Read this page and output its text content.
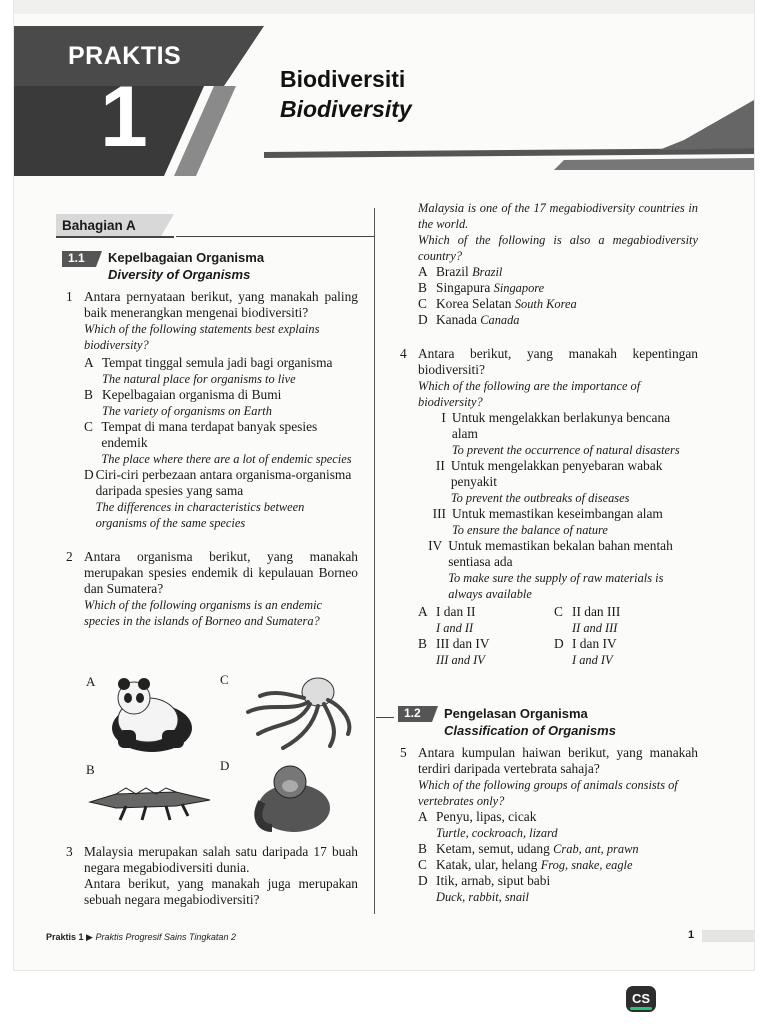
PRAKTIS
1	Biodiversiti
Biodiversity
Bahagian A
1.1 Kepelbagaian Organisma
Diversity of Organisms
1 Antara pernyataan berikut, yang manakah paling baik menerangkan mengenai biodiversiti?
Which of the following statements best explains biodiversity?
A Tempat tinggal semula jadi bagi organisma
The natural place for organisms to live
B Kepelbagaian organisma di Bumi
The variety of organisms on Earth
C Tempat di mana terdapat banyak spesies endemik
The place where there are a lot of endemic species
D Ciri-ciri perbezaan antara organisma-organisma daripada spesies yang sama
The differences in characteristics between organisms of the same species
2 Antara organisma berikut, yang manakah merupakan spesies endemik di kepulauan Borneo dan Sumatera?
Which of the following organisms is an endemic species in the islands of Borneo and Sumatera?
A	C
B	D
3 Malaysia merupakan salah satu daripada 17 buah negara megabiodiversiti dunia.
Antara berikut, yang manakah juga merupakan sebuah negara megabiodiversiti?
Malaysia is one of the 17 megabiodiversity countries in the world.
Which of the following is also a megabiodiversity country?
A Brazil
Brazil
B Singapura
Singapore
C Korea Selatan
South Korea
D Kanada
Canada
4 Antara berikut, yang manakah kepentingan biodiversiti?
Which of the following are the importance of biodiversity?
I Untuk mengelakkan berlakunya bencana alam
To prevent the occurrence of natural disasters
II Untuk mengelakkan penyebaran wabak penyakit
To prevent the outbreaks of diseases
III Untuk memastikan keseimbangan alam
To ensure the balance of nature
IV Untuk memastikan bekalan bahan mentah sentiasa ada
To make sure the supply of raw materials is always available
A I dan II
I and II
B III dan IV
III and IV
C II dan III
II and III
D I dan IV
I and IV
1.2 Pengelasan Organisma
Classification of Organisms
5 Antara kumpulan haiwan berikut, yang manakah terdiri daripada vertebrata sahaja?
Which of the following groups of animals consists of vertebrates only?
A Penyu, lipas, cicak
Turtle, cockroach, lizard
B Ketam, semut, udang
Crab, ant, prawn
C Katak, ular, helang
Frog, snake, eagle
D Itik, arnab, siput babi
Duck, rabbit, snail
Praktis 1 ▶ Praktis Progresif Sains Tingkatan 2	1
CS
